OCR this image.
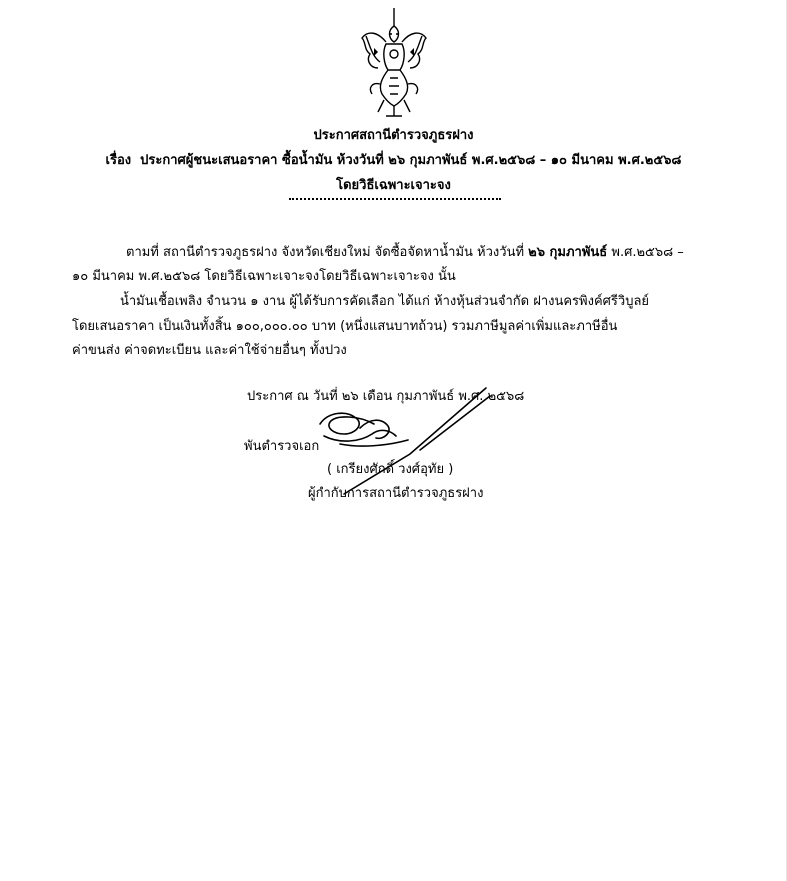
ประกาศสถานีตำรวจภูธรฝาง
เรื่อง ประกาศผู้ชนะเสนอราคา ซื้อน้ำมัน ห้วงวันที่ ๒๖ กุมภาพันธ์ พ.ศ.๒๕๖๘ – ๑๐ มีนาคม พ.ศ.๒๕๖๘
โดยวิธีเฉพาะเจาะจง
ตามที่ สถานีตำรวจภูธรฝาง จังหวัดเชียงใหม่ จัดซื้อจัดหาน้ำมัน ห้วงวันที่ ๒๖ กุมภาพันธ์ พ.ศ.๒๕๖๘ –
๑๐ มีนาคม พ.ศ.๒๕๖๘ โดยวิธีเฉพาะเจาะจงโดยวิธีเฉพาะเจาะจง นั้น
น้ำมันเชื้อเพลิง จำนวน ๑ งาน ผู้ได้รับการคัดเลือก ได้แก่ ห้างหุ้นส่วนจำกัด ฝางนครพิงค์ศรีวิบูลย์
โดยเสนอราคา เป็นเงินทั้งสิ้น ๑๐๐,๐๐๐.๐๐ บาท (หนึ่งแสนบาทถ้วน) รวมภาษีมูลค่าเพิ่มและภาษีอื่น
ค่าขนส่ง ค่าจดทะเบียน และค่าใช้จ่ายอื่นๆ ทั้งปวง
ประกาศ ณ วันที่ ๒๖ เดือน กุมภาพันธ์ พ.ศ. ๒๕๖๘
พันตำรวจเอก
( เกรียงศักดิ์ วงศ์อุทัย )
ผู้กำกับการสถานีตำรวจภูธรฝาง
